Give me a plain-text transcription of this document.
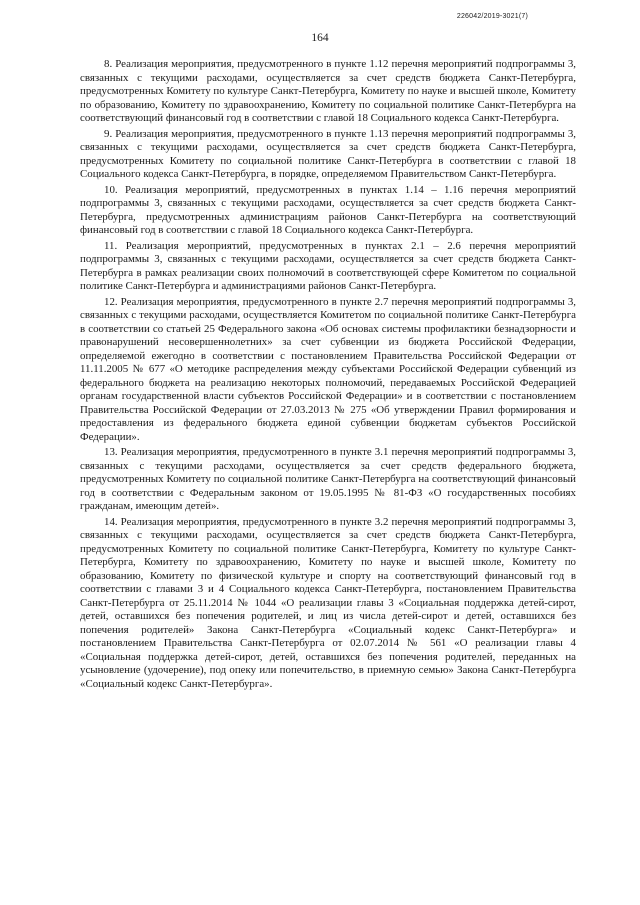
226042/2019-3021(7)
164

8. Реализация мероприятия, предусмотренного в пункте 1.12 перечня мероприятий подпрограммы 3, связанных с текущими расходами, осуществляется за счет средств бюджета Санкт-Петербурга, предусмотренных Комитету по культуре Санкт-Петербурга, Комитету по науке и высшей школе, Комитету по образованию, Комитету по здравоохранению, Комитету по социальной политике Санкт-Петербурга на соответствующий финансовый год в соответствии с главой 18 Социального кодекса Санкт-Петербурга.

9. Реализация мероприятия, предусмотренного в пункте 1.13 перечня мероприятий подпрограммы 3, связанных с текущими расходами, осуществляется за счет средств бюджета Санкт-Петербурга, предусмотренных Комитету по социальной политике Санкт-Петербурга в соответствии с главой 18 Социального кодекса Санкт-Петербурга, в порядке, определяемом Правительством Санкт-Петербурга.

10. Реализация мероприятий, предусмотренных в пунктах 1.14 – 1.16 перечня мероприятий подпрограммы 3, связанных с текущими расходами, осуществляется за счет средств бюджета Санкт-Петербурга, предусмотренных администрациям районов Санкт-Петербурга на соответствующий финансовый год в соответствии с главой 18 Социального кодекса Санкт-Петербурга.

11. Реализация мероприятий, предусмотренных в пунктах 2.1 – 2.6 перечня мероприятий подпрограммы 3, связанных с текущими расходами, осуществляется за счет средств бюджета Санкт-Петербурга в рамках реализации своих полномочий в соответствующей сфере Комитетом по социальной политике Санкт-Петербурга и администрациями районов Санкт-Петербурга.

12. Реализация мероприятия, предусмотренного в пункте 2.7 перечня мероприятий подпрограммы 3, связанных с текущими расходами, осуществляется Комитетом по социальной политике Санкт-Петербурга в соответствии со статьей 25 Федерального закона «Об основах системы профилактики безнадзорности и правонарушений несовершеннолетних» за счет субвенции из бюджета Российской Федерации, определяемой ежегодно в соответствии с постановлением Правительства Российской Федерации от 11.11.2005 № 677 «О методике распределения между субъектами Российской Федерации субвенций из федерального бюджета на реализацию некоторых полномочий, передаваемых Российской Федерацией органам государственной власти субъектов Российской Федерации» и в соответствии с постановлением Правительства Российской Федерации от 27.03.2013 № 275 «Об утверждении Правил формирования и предоставления из федерального бюджета единой субвенции бюджетам субъектов Российской Федерации».

13. Реализация мероприятия, предусмотренного в пункте 3.1 перечня мероприятий подпрограммы 3, связанных с текущими расходами, осуществляется за счет средств федерального бюджета, предусмотренных Комитету по социальной политике Санкт-Петербурга на соответствующий финансовый год в соответствии с Федеральным законом от 19.05.1995 № 81-ФЗ «О государственных пособиях гражданам, имеющим детей».

14. Реализация мероприятия, предусмотренного в пункте 3.2 перечня мероприятий подпрограммы 3, связанных с текущими расходами, осуществляется за счет средств бюджета Санкт-Петербурга, предусмотренных Комитету по социальной политике Санкт-Петербурга, Комитету по культуре Санкт-Петербурга, Комитету по здравоохранению, Комитету по науке и высшей школе, Комитету по образованию, Комитету по физической культуре и спорту на соответствующий финансовый год в соответствии с главами 3 и 4 Социального кодекса Санкт-Петербурга, постановлением Правительства Санкт-Петербурга от 25.11.2014 № 1044 «О реализации главы 3 «Социальная поддержка детей-сирот, детей, оставшихся без попечения родителей, и лиц из числа детей-сирот и детей, оставшихся без попечения родителей» Закона Санкт-Петербурга «Социальный кодекс Санкт-Петербурга» и постановлением Правительства Санкт-Петербурга от 02.07.2014 № 561 «О реализации главы 4 «Социальная поддержка детей-сирот, детей, оставшихся без попечения родителей, переданных на усыновление (удочерение), под опеку или попечительство, в приемную семью» Закона Санкт-Петербурга «Социальный кодекс Санкт-Петербурга».
